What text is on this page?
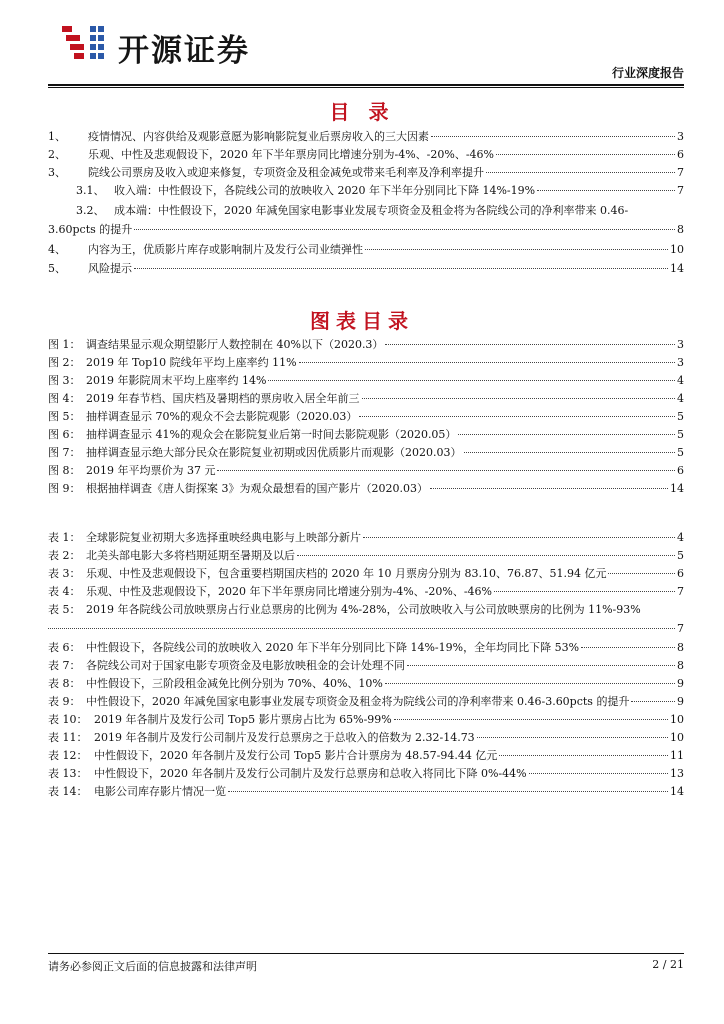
开源证券
行业深度报告
目 录
1、	疫情情况、内容供给及观影意愿为影响影院复业后票房收入的三大因素	3
2、	乐观、中性及悲观假设下，2020 年下半年票房同比增速分别为-4%、-20%、-46%	6
3、	院线公司票房及收入或迎来修复，专项资金及租金减免或带来毛利率及净利率提升	7
3.1、 收入端：中性假设下，各院线公司的放映收入 2020 年下半年分别同比下降 14%-19%	7
3.2、 成本端：中性假设下，2020 年减免国家电影事业发展专项资金及租金将为各院线公司的净利率带来 0.46-
3.60pcts 的提升	8
4、	内容为王，优质影片库存或影响制片及发行公司业绩弹性	10
5、	风险提示	14
图表目录
图 1： 调查结果显示观众期望影厅人数控制在 40%以下（2020.3）	3
图 2： 2019 年 Top10 院线年平均上座率约 11%	3
图 3： 2019 年影院周末平均上座率约 14%	4
图 4： 2019 年春节档、国庆档及暑期档的票房收入居全年前三	4
图 5： 抽样调查显示 70%的观众不会去影院观影（2020.03）	5
图 6： 抽样调查显示 41%的观众会在影院复业后第一时间去影院观影（2020.05）	5
图 7： 抽样调查显示绝大部分民众在影院复业初期或因优质影片而观影（2020.03）	5
图 8： 2019 年平均票价为 37 元	6
图 9： 根据抽样调查《唐人街探案 3》为观众最想看的国产影片（2020.03）	14
表 1： 全球影院复业初期大多选择重映经典电影与上映部分新片	4
表 2： 北美头部电影大多将档期延期至暑期及以后	5
表 3： 乐观、中性及悲观假设下，包含重要档期国庆档的 2020 年 10 月票房分别为 83.10、76.87、51.94 亿元	6
表 4： 乐观、中性及悲观假设下，2020 年下半年票房同比增速分别为-4%、-20%、-46%	7
表 5： 2019 年各院线公司放映票房占行业总票房的比例为 4%-28%，公司放映收入与公司放映票房的比例为 11%-93%
7
表 6： 中性假设下，各院线公司的放映收入 2020 年下半年分别同比下降 14%-19%，全年均同比下降 53%	8
表 7： 各院线公司对于国家电影专项资金及电影放映租金的会计处理不同	8
表 8： 中性假设下，三阶段租金减免比例分别为 70%、40%、10%	9
表 9： 中性假设下，2020 年减免国家电影事业发展专项资金及租金将为院线公司的净利率带来 0.46-3.60pcts 的提升	9
表 10： 2019 年各制片及发行公司 Top5 影片票房占比为 65%-99%	10
表 11： 2019 年各制片及发行公司制片及发行总票房之于总收入的倍数为 2.32-14.73	10
表 12： 中性假设下，2020 年各制片及发行公司 Top5 影片合计票房为 48.57-94.44 亿元	11
表 13： 中性假设下，2020 年各制片及发行公司制片及发行总票房和总收入将同比下降 0%-44%	13
表 14： 电影公司库存影片情况一览	14
请务必参阅正文后面的信息披露和法律声明	2 / 21
